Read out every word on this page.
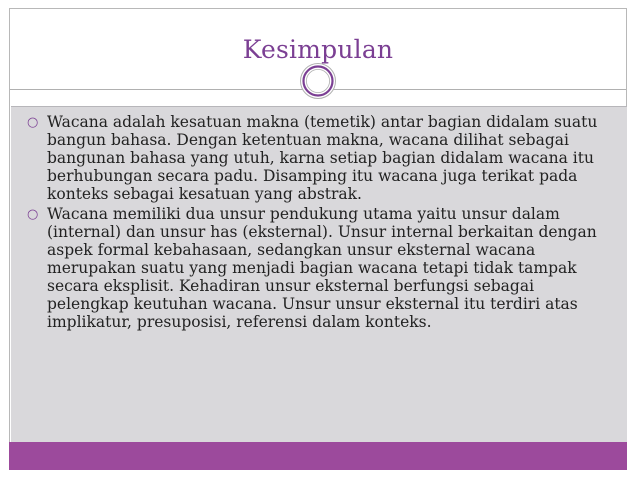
Kesimpulan
○ Wacana adalah kesatuan makna (temetik) antar bagian didalam suatu bangun bahasa. Dengan ketentuan makna, wacana dilihat sebagai bangunan bahasa yang utuh, karna setiap bagian didalam wacana itu berhubungan secara padu. Disamping itu wacana juga terikat pada konteks sebagai kesatuan yang abstrak.
○ Wacana memiliki dua unsur pendukung utama yaitu unsur dalam (internal) dan unsur has (eksternal). Unsur internal berkaitan dengan aspek formal kebahasaan, sedangkan unsur eksternal wacana merupakan suatu yang menjadi bagian wacana tetapi tidak tampak secara eksplisit. Kehadiran unsur eksternal berfungsi sebagai pelengkap keutuhan wacana. Unsur unsur eksternal itu terdiri atas implikatur, presuposisi, referensi dalam konteks.
